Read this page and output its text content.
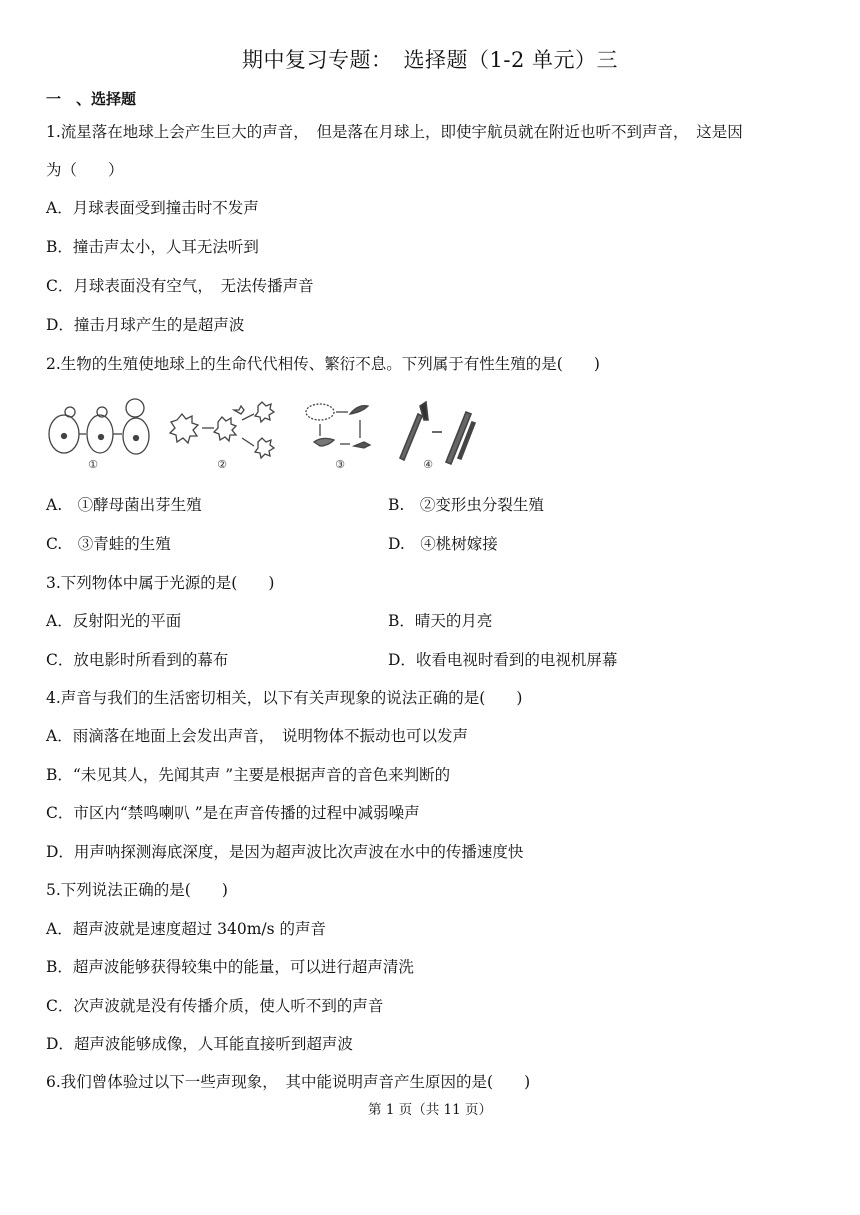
期中复习专题：　选择题（1-2 单元）三
一　、选择题
1.流星落在地球上会产生巨大的声音，　但是落在月球上，即使宇航员就在附近也听不到声音，　这是因
为（　　）
A．月球表面受到撞击时不发声
B．撞击声太小，人耳无法听到
C．月球表面没有空气，　无法传播声音
D．撞击月球产生的是超声波
2.生物的生殖使地球上的生命代代相传、繁衍不息。下列属于有性生殖的是(　　)
①	②	③	④
A.　①酵母菌出芽生殖	B.　②变形虫分裂生殖
C.　③青蛙的生殖	D.　④桃树嫁接
3.下列物体中属于光源的是(　　)
A．反射阳光的平面	B．晴天的月亮
C．放电影时所看到的幕布	D．收看电视时看到的电视机屏幕
4.声音与我们的生活密切相关，以下有关声现象的说法正确的是(　　)
A．雨滴落在地面上会发出声音，　说明物体不振动也可以发声
B．“未见其人，先闻其声 ”主要是根据声音的音色来判断的
C．市区内“禁鸣喇叭 ”是在声音传播的过程中减弱噪声
D．用声呐探测海底深度，是因为超声波比次声波在水中的传播速度快
5.下列说法正确的是(　　)
A．超声波就是速度超过 340m/s 的声音
B．超声波能够获得较集中的能量，可以进行超声清洗
C．次声波就是没有传播介质，使人听不到的声音
D．超声波能够成像，人耳能直接听到超声波
6.我们曾体验过以下一些声现象，　其中能说明声音产生原因的是(　　)
第 1 页（共 11 页）
